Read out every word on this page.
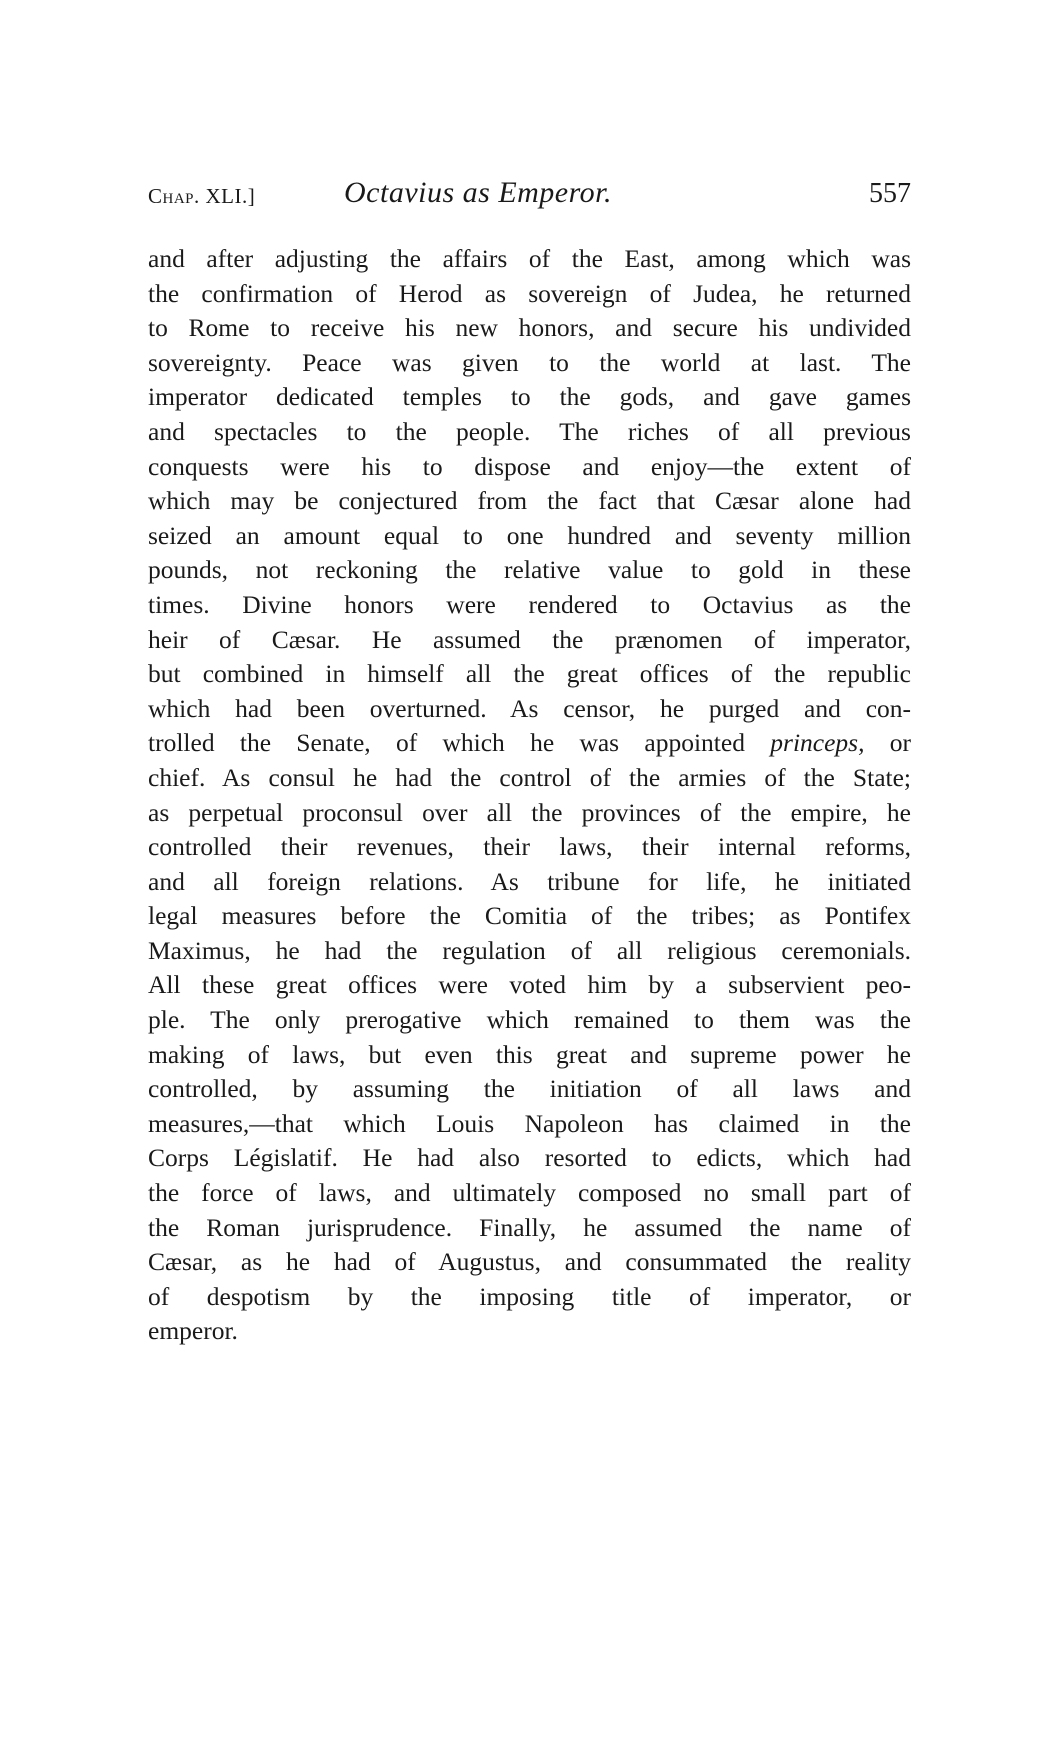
Chap. XLI.]	Octavius as Emperor.	557
and after adjusting the affairs of the East, among which was
the confirmation of Herod as sovereign of Judea, he returned
to Rome to receive his new honors, and secure his undivided
sovereignty. Peace was given to the world at last. The
imperator dedicated temples to the gods, and gave games
and spectacles to the people. The riches of all previous
conquests were his to dispose and enjoy—the extent of
which may be conjectured from the fact that Cæsar alone had
seized an amount equal to one hundred and seventy million
pounds, not reckoning the relative value to gold in these
times. Divine honors were rendered to Octavius as the
heir of Cæsar. He assumed the prænomen of imperator,
but combined in himself all the great offices of the republic
which had been overturned. As censor, he purged and con-
trolled the Senate, of which he was appointed princeps, or
chief. As consul he had the control of the armies of the State;
as perpetual proconsul over all the provinces of the empire, he
controlled their revenues, their laws, their internal reforms,
and all foreign relations. As tribune for life, he initiated
legal measures before the Comitia of the tribes; as Pontifex
Maximus, he had the regulation of all religious ceremonials.
All these great offices were voted him by a subservient peo-
ple. The only prerogative which remained to them was the
making of laws, but even this great and supreme power he
controlled, by assuming the initiation of all laws and
measures,—that which Louis Napoleon has claimed in the
Corps Législatif. He had also resorted to edicts, which had
the force of laws, and ultimately composed no small part of
the Roman jurisprudence. Finally, he assumed the name of
Cæsar, as he had of Augustus, and consummated the reality
of despotism by the imposing title of imperator, or
emperor.
